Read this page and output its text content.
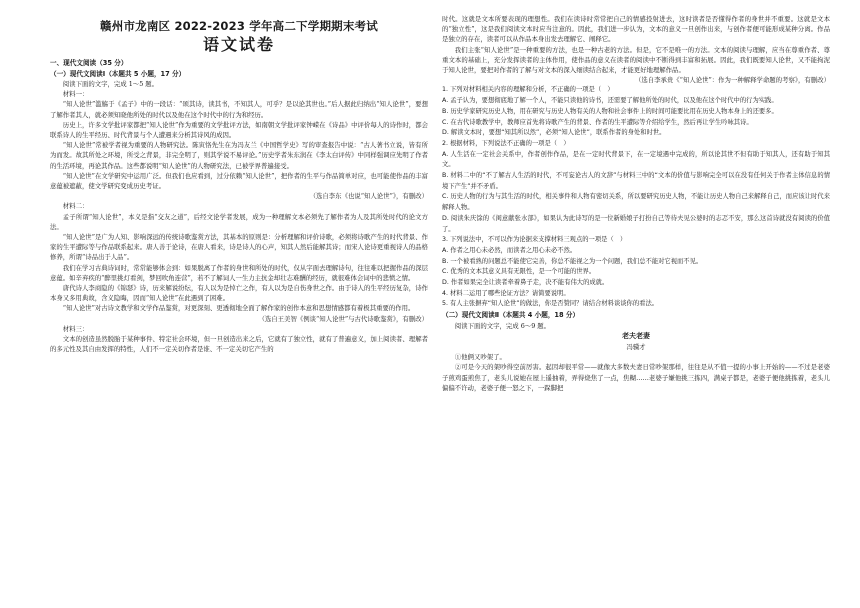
赣州市龙南区 2022-2023 学年高二下学期期末考试
语文试卷

一、现代文阅读（35 分）

（一）现代文阅读Ⅰ（本题共 5 小题，17 分）

阅读下面的文字，完成 1～5 题。

材料一：

“知人论世”滥觞于《孟子》中的一段话：“颂其诗，读其书，不知其人，可乎？是以论其世也。”后人据此归纳出“知人论世”，要想了解作者其人，就必须知晓他所处的时代以及他在这个时代中的行为和经历。

历史上，许多文学批评家都把“知人论世”作为重要的文学批评方法，如南朝文学批评家钟嵘在《诗品》中评价每人的诗作时，都会联系诗人的生平经历、时代背景与个人遭遇来分析其诗风的成因。

“知人论世”常被学者视为重要的人物研究法。陈寅恪先生在为冯友兰《中国哲学史》写的审查报告中说：“古人著书立说，皆有所为而发。故其所处之环境，所受之背景，非完全明了，则其学说不易评论。”历史学者朱东润在《李太白评传》中同样强调应先明了作者的生活环境，再论其作品。这些都说明“知人论世”的人物研究法，已被学界普遍接受。

“知人论世”在文学研究中运用广泛。但我们也应看到，过分依赖“知人论世”，把作者的生平与作品简单对应，也可能使作品的丰富意蕴被遮蔽，使文学研究变成历史考证。

（选自李东《也说“知人论世”》，有删改）

材料二：

孟子所谓“知人论世”，本义是指“交友之道”，后经文论学者发展，成为一种理解文本必须先了解作者为人及其所处时代的论文方法。

“知人论世”是广为人知、影响深远的传统诗歌鉴赏方法，其基本的原则是：分析理解和评价诗歌，必须将诗歌产生的时代背景、作家的生平遭际等与作品联系起来。唐人善于论诗，在唐人看来，诗是诗人的心声，知其人然后能解其诗；而宋人论诗更重视诗人的品格修养，所谓“诗品出于人品”。

我们在学习古典诗词时，常常能够体会到：如果脱离了作者的身世和所处的时代，仅从字面去理解诗句，往往难以把握作品的深层意蕴。如辛弃疾的“醉里挑灯看剑，梦回吹角连营”，若不了解词人一生力主抗金却壮志难酬的经历，就很难体会词中的悲愤之情。

唐代诗人李商隐的《锦瑟》诗，历来解说纷纭，有人以为是悼亡之作，有人以为是自伤身世之作。由于诗人的生平经历复杂，诗作本身又多用典故，含义隐晦，因而“知人论世”在此遇到了困难。

“知人论世”对古诗文教学和文学作品鉴赏，对更深刻、更透彻地全面了解作家的创作本意和思想情感都有着极其重要的作用。

（选自王美智《例谈“知人论世”与古代诗歌鉴赏》，有删改）

材料三：

文本的创造虽然脱胎于某种事件、特定社会环境，但一旦创造出来之后，它就有了独立性，就有了普遍意义，加上阅读者、理解者的多元性及其自由发挥的特性，人们不一定关切作者是谁、不一定关切它产生的

时代。这就是文本所要表现的理想性。我们在读诗时常常把自己的情感投射进去，这时读者是否懂得作者的身世并不重要。这就是文本的“独立性”，这是我们阅读文本时应当注意的。因此，我们进一步认为，文本的意义一旦创作出来，与创作者便可能形成某种分离。作品是独立的存在，读者可以从作品本身出发去理解它、阐释它。

我们主张“知人论世”是一种重要的方法，也是一种古老的方法。但是，它不是唯一的方法。文本的阅读与理解，应当在尊重作者、尊重文本的基础上，充分发挥读者的主体作用，使作品的意义在读者的阅读中不断得到丰富和拓展。因此，我们既要知人论世，又不能拘泥于知人论世，要把对作者的了解与对文本的深入细读结合起来，才能更好地理解作品。

（选自李承贵《“知人论世”：作为一种解释学命题的考察》，有删改）

1. 下列对材料相关内容的理解和分析，不正确的一项是（　）

A. 孟子认为，要想彻底地了解一个人，不能只读他的诗书，还需要了解他所处的时代，以及他在这个时代中的行为实践。

B. 历史学家研究历史人物，用在研究与历史人物有关的人物和社会事件上的时间可能要比用在历史人物本身上的还要多。

C. 在古代诗歌教学中，教师应首先将诗歌产生的背景、作者的生平遭际等介绍给学生，然后再让学生吟咏其诗。

D. 解读文本时，要想“知其所以然”，必须“知人论世”，联系作者的身处和时世。

2. 根据材料，下列说法不正确的一项是（　）

A. 人生活在一定社会关系中，作者创作作品，是在一定时代背景下，在一定境遇中完成的，所以论其世不但有助于知其人，还有助于知其文。

B. 材料二中的“不了解古人生活的时代，不可妄论古人的文辞”与材料三中的“文本的价值与影响完全可以在没有任何关于作者主体信息的情境下产生”并不矛盾。

C. 历史人物的行为与其生活的时代，相关事件和人物有密切关系，所以要研究历史人物，不能让历史人物自己来解释自己，而应该让时代来解释人物。

D. 阅读朱庆馀的《闺意献张水部》，如果认为此诗写的是一位新婚娘子打扮自己等待夫见公婆时的志忑不安，那么这首诗就没有阅读的价值了。

3. 下列说法中，不可以作为论据来支撑材料三观点的一项是（　）

A. 作者之用心未必然，而读者之用心未必不然。

B. 一个被看熟的问题总不能使它完善，你总不能视之为一个问题，我们总不能对它视而不见。

C. 优秀的文本其意义具有无限性，是一个可能的世界。

D. 作者如果完全让读者牵着鼻子走，决不能有伟大的成就。

4. 材料二运用了哪些论证方法？请简要说明。

5. 有人主张摒弃“知人论世”的做法，你是否赞同？请结合材料谈谈你的看法。

（二）现代文阅读Ⅱ（本题共 4 小题，18 分）

阅读下面的文字，完成 6～9 题。

老夫老妻

冯骥才

①他俩又吵架了。

②可是今天的架吵得空前厉害。起因却很平常——就像大多数夫妻日常吵架那样，往往是从不值一提的小事上开始的——不过是老婆子煎鸡蛋煎焦了，老头儿说她在屋上遥抽着，弄得烧焦了一点，焦糊……老婆子嫌他挑三拣四，满桌子都是，老婆子便他挑拣着，老头儿偏偏不许动，老婆子便一怒之下，一跺脚把
